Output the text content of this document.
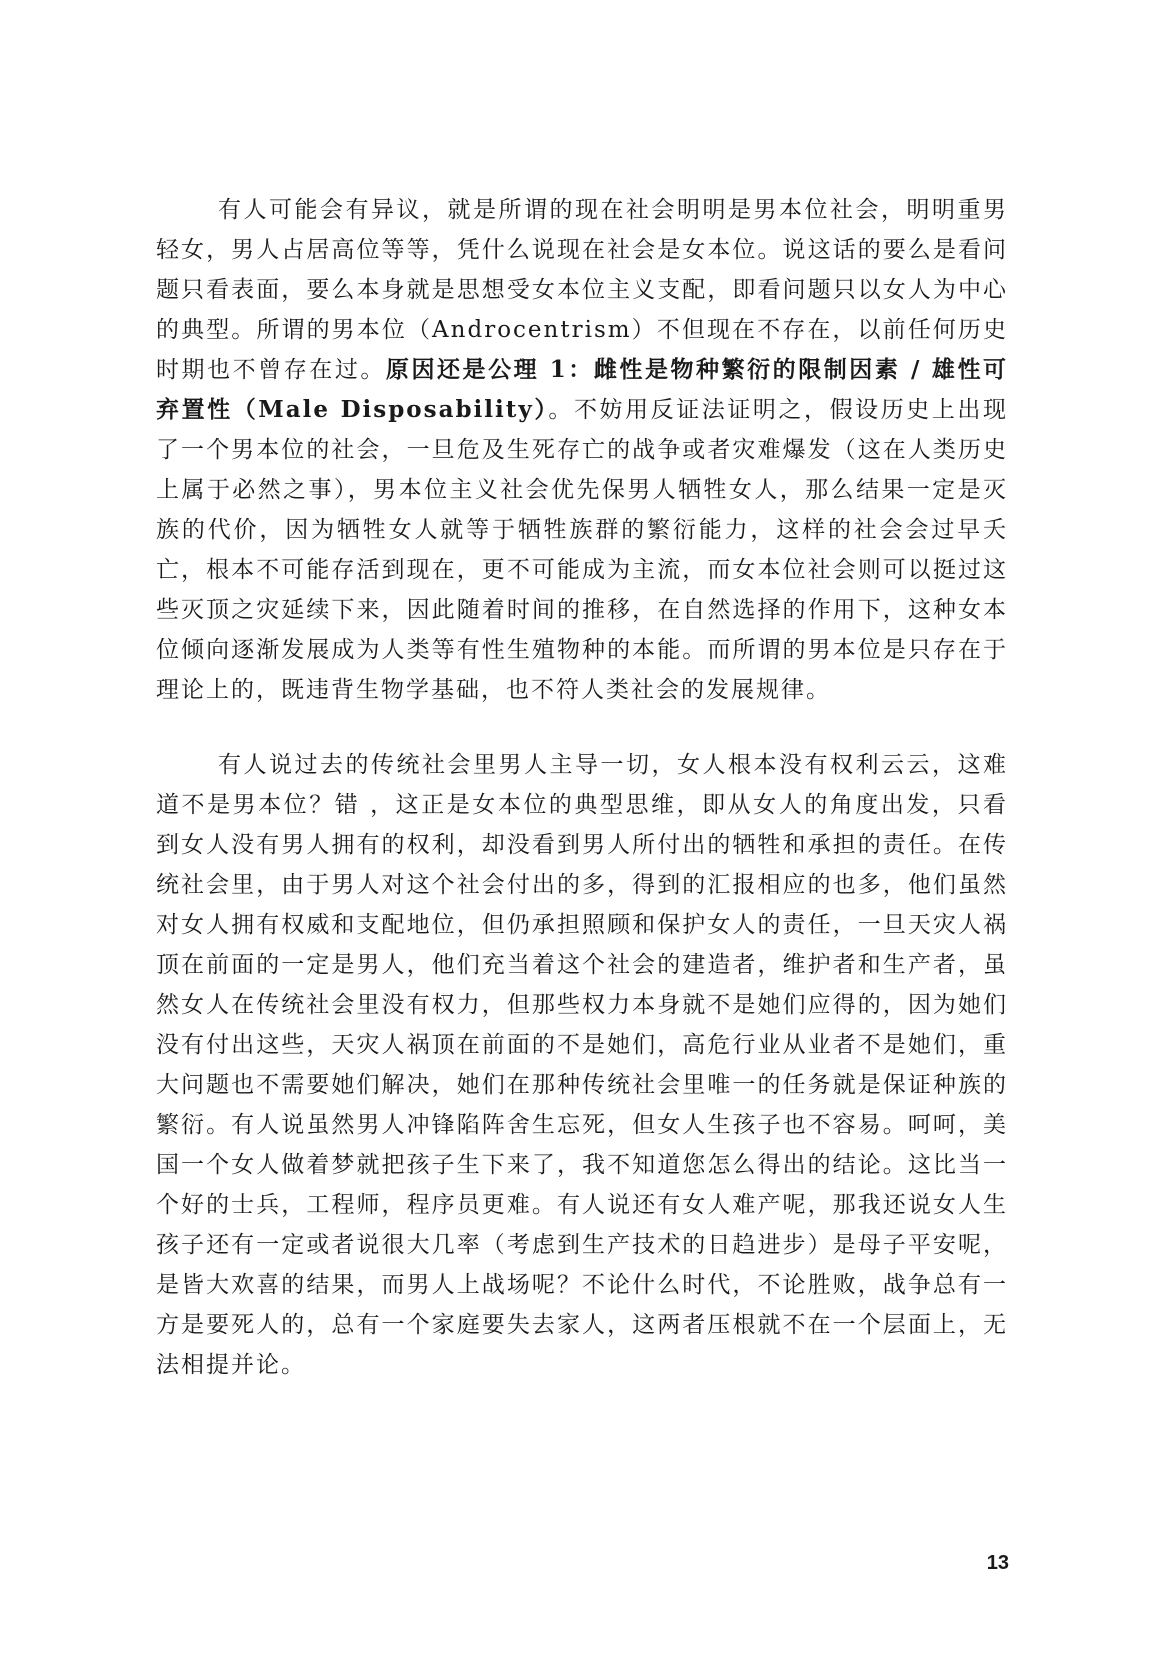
有人可能会有异议，就是所谓的现在社会明明是男本位社会，明明重男轻女，男人占居高位等等，凭什么说现在社会是女本位。说这话的要么是看问题只看表面，要么本身就是思想受女本位主义支配，即看问题只以女人为中心的典型。所谓的男本位（Androcentrism）不但现在不存在，以前任何历史时期也不曾存在过。原因还是公理 1：雌性是物种繁衍的限制因素 / 雄性可弃置性（Male Disposability）。不妨用反证法证明之，假设历史上出现了一个男本位的社会，一旦危及生死存亡的战争或者灾难爆发（这在人类历史上属于必然之事），男本位主义社会优先保男人牺牲女人，那么结果一定是灭族的代价，因为牺牲女人就等于牺牲族群的繁衍能力，这样的社会会过早夭亡，根本不可能存活到现在，更不可能成为主流，而女本位社会则可以挺过这些灭顶之灾延续下来，因此随着时间的推移，在自然选择的作用下，这种女本位倾向逐渐发展成为人类等有性生殖物种的本能。而所谓的男本位是只存在于理论上的，既违背生物学基础，也不符人类社会的发展规律。

有人说过去的传统社会里男人主导一切，女人根本没有权利云云，这难道不是男本位？错 ，这正是女本位的典型思维，即从女人的角度出发，只看到女人没有男人拥有的权利，却没看到男人所付出的牺牲和承担的责任。在传统社会里，由于男人对这个社会付出的多，得到的汇报相应的也多，他们虽然对女人拥有权威和支配地位，但仍承担照顾和保护女人的责任，一旦天灾人祸顶在前面的一定是男人，他们充当着这个社会的建造者，维护者和生产者，虽然女人在传统社会里没有权力，但那些权力本身就不是她们应得的，因为她们没有付出这些，天灾人祸顶在前面的不是她们，高危行业从业者不是她们，重大问题也不需要她们解决，她们在那种传统社会里唯一的任务就是保证种族的繁衍。有人说虽然男人冲锋陷阵舍生忘死，但女人生孩子也不容易。呵呵，美国一个女人做着梦就把孩子生下来了，我不知道您怎么得出的结论。这比当一个好的士兵，工程师，程序员更难。有人说还有女人难产呢，那我还说女人生孩子还有一定或者说很大几率（考虑到生产技术的日趋进步）是母子平安呢，是皆大欢喜的结果，而男人上战场呢？不论什么时代，不论胜败，战争总有一方是要死人的，总有一个家庭要失去家人，这两者压根就不在一个层面上，无法相提并论。

13
